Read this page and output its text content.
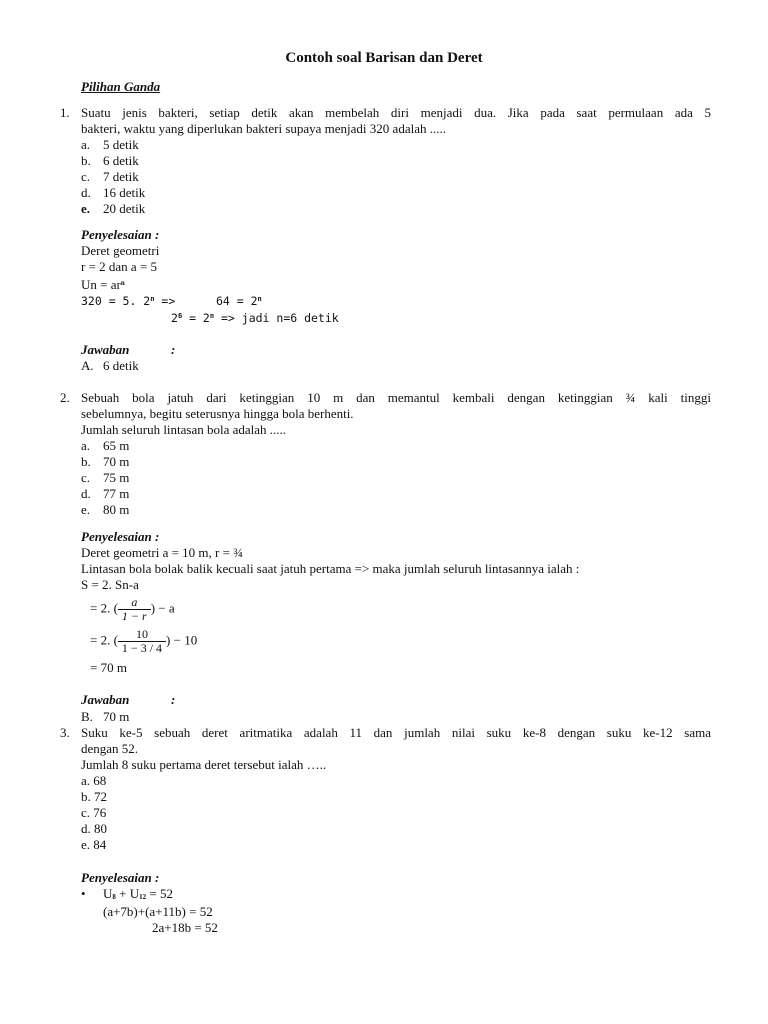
Contoh soal Barisan dan Deret
Pilihan Ganda
1. Suatu jenis bakteri, setiap detik akan membelah diri menjadi dua. Jika pada saat permulaan ada 5
bakteri, waktu yang diperlukan bakteri supaya menjadi 320 adalah .....
a. 5 detik
b. 6 detik
c. 7 detik
d. 16 detik
e. 20 detik
Penyelesaian :
Deret geometri
r = 2 dan a = 5
$Un = ar^n$
320 = 5. $2^n$ =>	$64 = 2^n$
$2^6 = 2^n$ => jadi n=6 detik
Jawaban	:
A. 6 detik
2. Sebuah bola jatuh dari ketinggian 10 m dan memantul kembali dengan ketinggian ¾ kali tinggi
sebelumnya, begitu seterusnya hingga bola berhenti.
Jumlah seluruh lintasan bola adalah .....
a. 65 m
b. 70 m
c. 75 m
d. 77 m
e. 80 m
Penyelesaian :
Deret geometri a = 10 m, r = ¾
Lintasan bola bolak balik kecuali saat jatuh pertama => maka jumlah seluruh lintasannya ialah :
S = 2. Sn-a
= 2. ( $\frac{a}{1 - r}$ ) − a
= 2. ( $\frac{10}{1 - 3 / 4}$ ) − 10
= 70 m
Jawaban	:
B. 70 m
3. Suku ke-5 sebuah deret aritmatika adalah 11 dan jumlah nilai suku ke-8 dengan suku ke-12 sama
dengan 52.
Jumlah 8 suku pertama deret tersebut ialah …..
a. 68
b. 72
c. 76
d. 80
e. 84
Penyelesaian :
• U8 + U12 = 52
(a+7b)+(a+11b) = 52
2a+18b = 52
